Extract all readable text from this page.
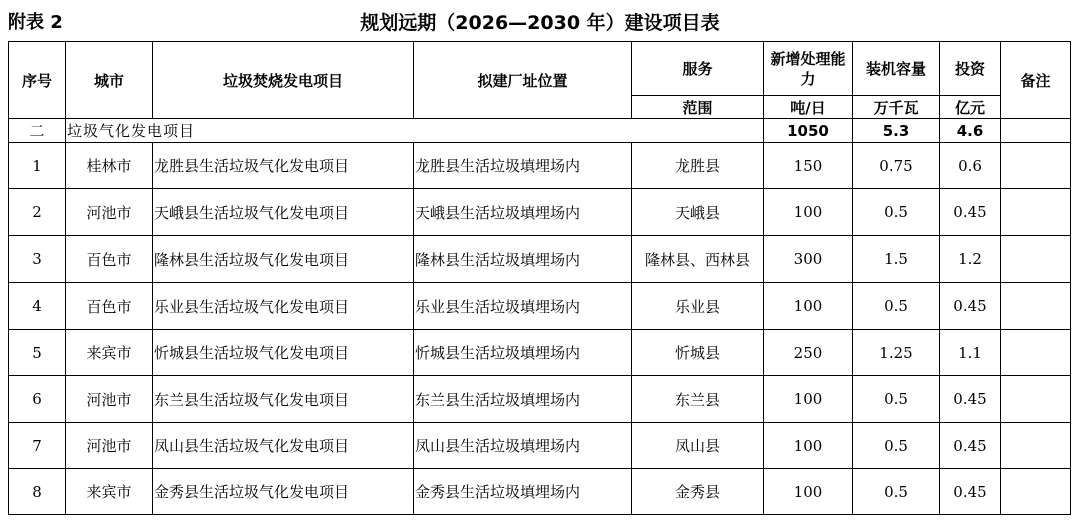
附表 2	规划远期（2026—2030 年）建设项目表
序号	城市	垃圾焚烧发电项目	拟建厂址位置	服务	新增处理能力	装机容量	投资	备注
				范围	吨/日	万千瓦	亿元	
二	垃圾气化发电项目				1050	5.3	4.6	
1	桂林市	龙胜县生活垃圾气化发电项目	龙胜县生活垃圾填埋场内	龙胜县	150	0.75	0.6	
2	河池市	天峨县生活垃圾气化发电项目	天峨县生活垃圾填埋场内	天峨县	100	0.5	0.45	
3	百色市	隆林县生活垃圾气化发电项目	隆林县生活垃圾填埋场内	隆林县、西林县	300	1.5	1.2	
4	百色市	乐业县生活垃圾气化发电项目	乐业县生活垃圾填埋场内	乐业县	100	0.5	0.45	
5	来宾市	忻城县生活垃圾气化发电项目	忻城县生活垃圾填埋场内	忻城县	250	1.25	1.1	
6	河池市	东兰县生活垃圾气化发电项目	东兰县生活垃圾填埋场内	东兰县	100	0.5	0.45	
7	河池市	凤山县生活垃圾气化发电项目	凤山县生活垃圾填埋场内	凤山县	100	0.5	0.45	
8	来宾市	金秀县生活垃圾气化发电项目	金秀县生活垃圾填埋场内	金秀县	100	0.5	0.45	
